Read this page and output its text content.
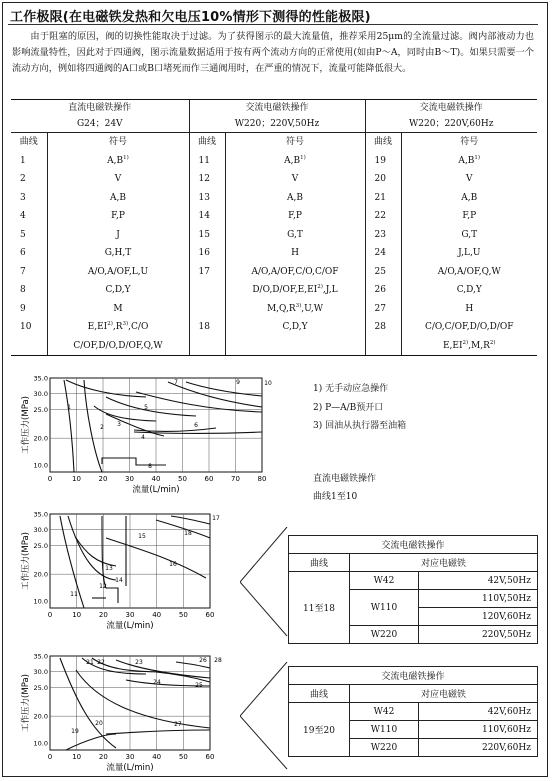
工作极限(在电磁铁发热和欠电压10%情形下测得的性能极限)
由于阻塞的原因，阀的切换性能取决于过滤。为了获得图示的最大流量值，推荐采用25μm的全流量过滤。阀内部液动力也影响流量特性，因此对于四通阀，图示流量数据适用于按有两个流动方向的正常使用(如由P～A，同时由B～T)。如果只需要一个流动方向，例如将四通阀的A口或B口堵死而作三通阀用时，在严重的情况下，流量可能降低很大。
直流电磁铁操作		交流电磁铁操作		交流电磁铁操作	
G24；24V		W220；220V,50Hz		W220；220V,60Hz	
曲线	符号	曲线	符号	曲线	符号
1	$A,B^{1)}$	11	$A,B^{1)}$	19	$A,B^{1)}$
2	V	12	V	20	V
3	A,B	13	A,B	21	A,B
4	F,P	14	F,P	22	F,P
5	J	15	G,T	23	G,T
6	G,H,T	16	H	24	J,L,U
7	A/O,A/OF,L,U	17	A/O,A/OF,C/O,C/OF	25	A/O,A/OF,Q,W
8	C,D,Y		D/O,D/OF,E,EI$^{2)}$,J,L	26	C,D,Y
9	M		$M,Q,R^{3)},U,W$	27	H
10	$E,EI^{2)},R^{3)},C/O$	18	C,D,Y	28	C/O,C/OF,D/O,D/OF
	C/OF,D/O,D/OF,Q,W				$E,EI^{2)},M,R^{2)}$
0	10	20	30	40	50	60	70	80
20.0
25.0
30.0
35.0
10.0
流量(L/min)
工作压力(MPa)	1
2 3
4
5
6
7
8
9	10
1) 无手动应急操作
2) P—A/B预开口
3) 回油从执行器至油箱
直流电磁铁操作
曲线1至10
0	10	20	30	40	50	60
20.0
25.0
30.0
35.0
10.0
流量(L/min)
工作压力(MPa)
11
12
13
14
15
16
17
18
交流电磁铁操作		
曲线	对应电磁铁	
11至18	W42	42V,50Hz
	W110	110V,50Hz
		120V,60Hz
	W220	220V,50Hz
0	10	20	30	40	50	60
20.0
25.0
30.0
35.0
10.0
流量(L/min)
工作压力(MPa)	19
20
21 22	23
24	25
26
27
28
交流电磁铁操作		
曲线	对应电磁铁	
19至20	W42	42V,60Hz
	W110	110V,60Hz
	W220	220V,60Hz
